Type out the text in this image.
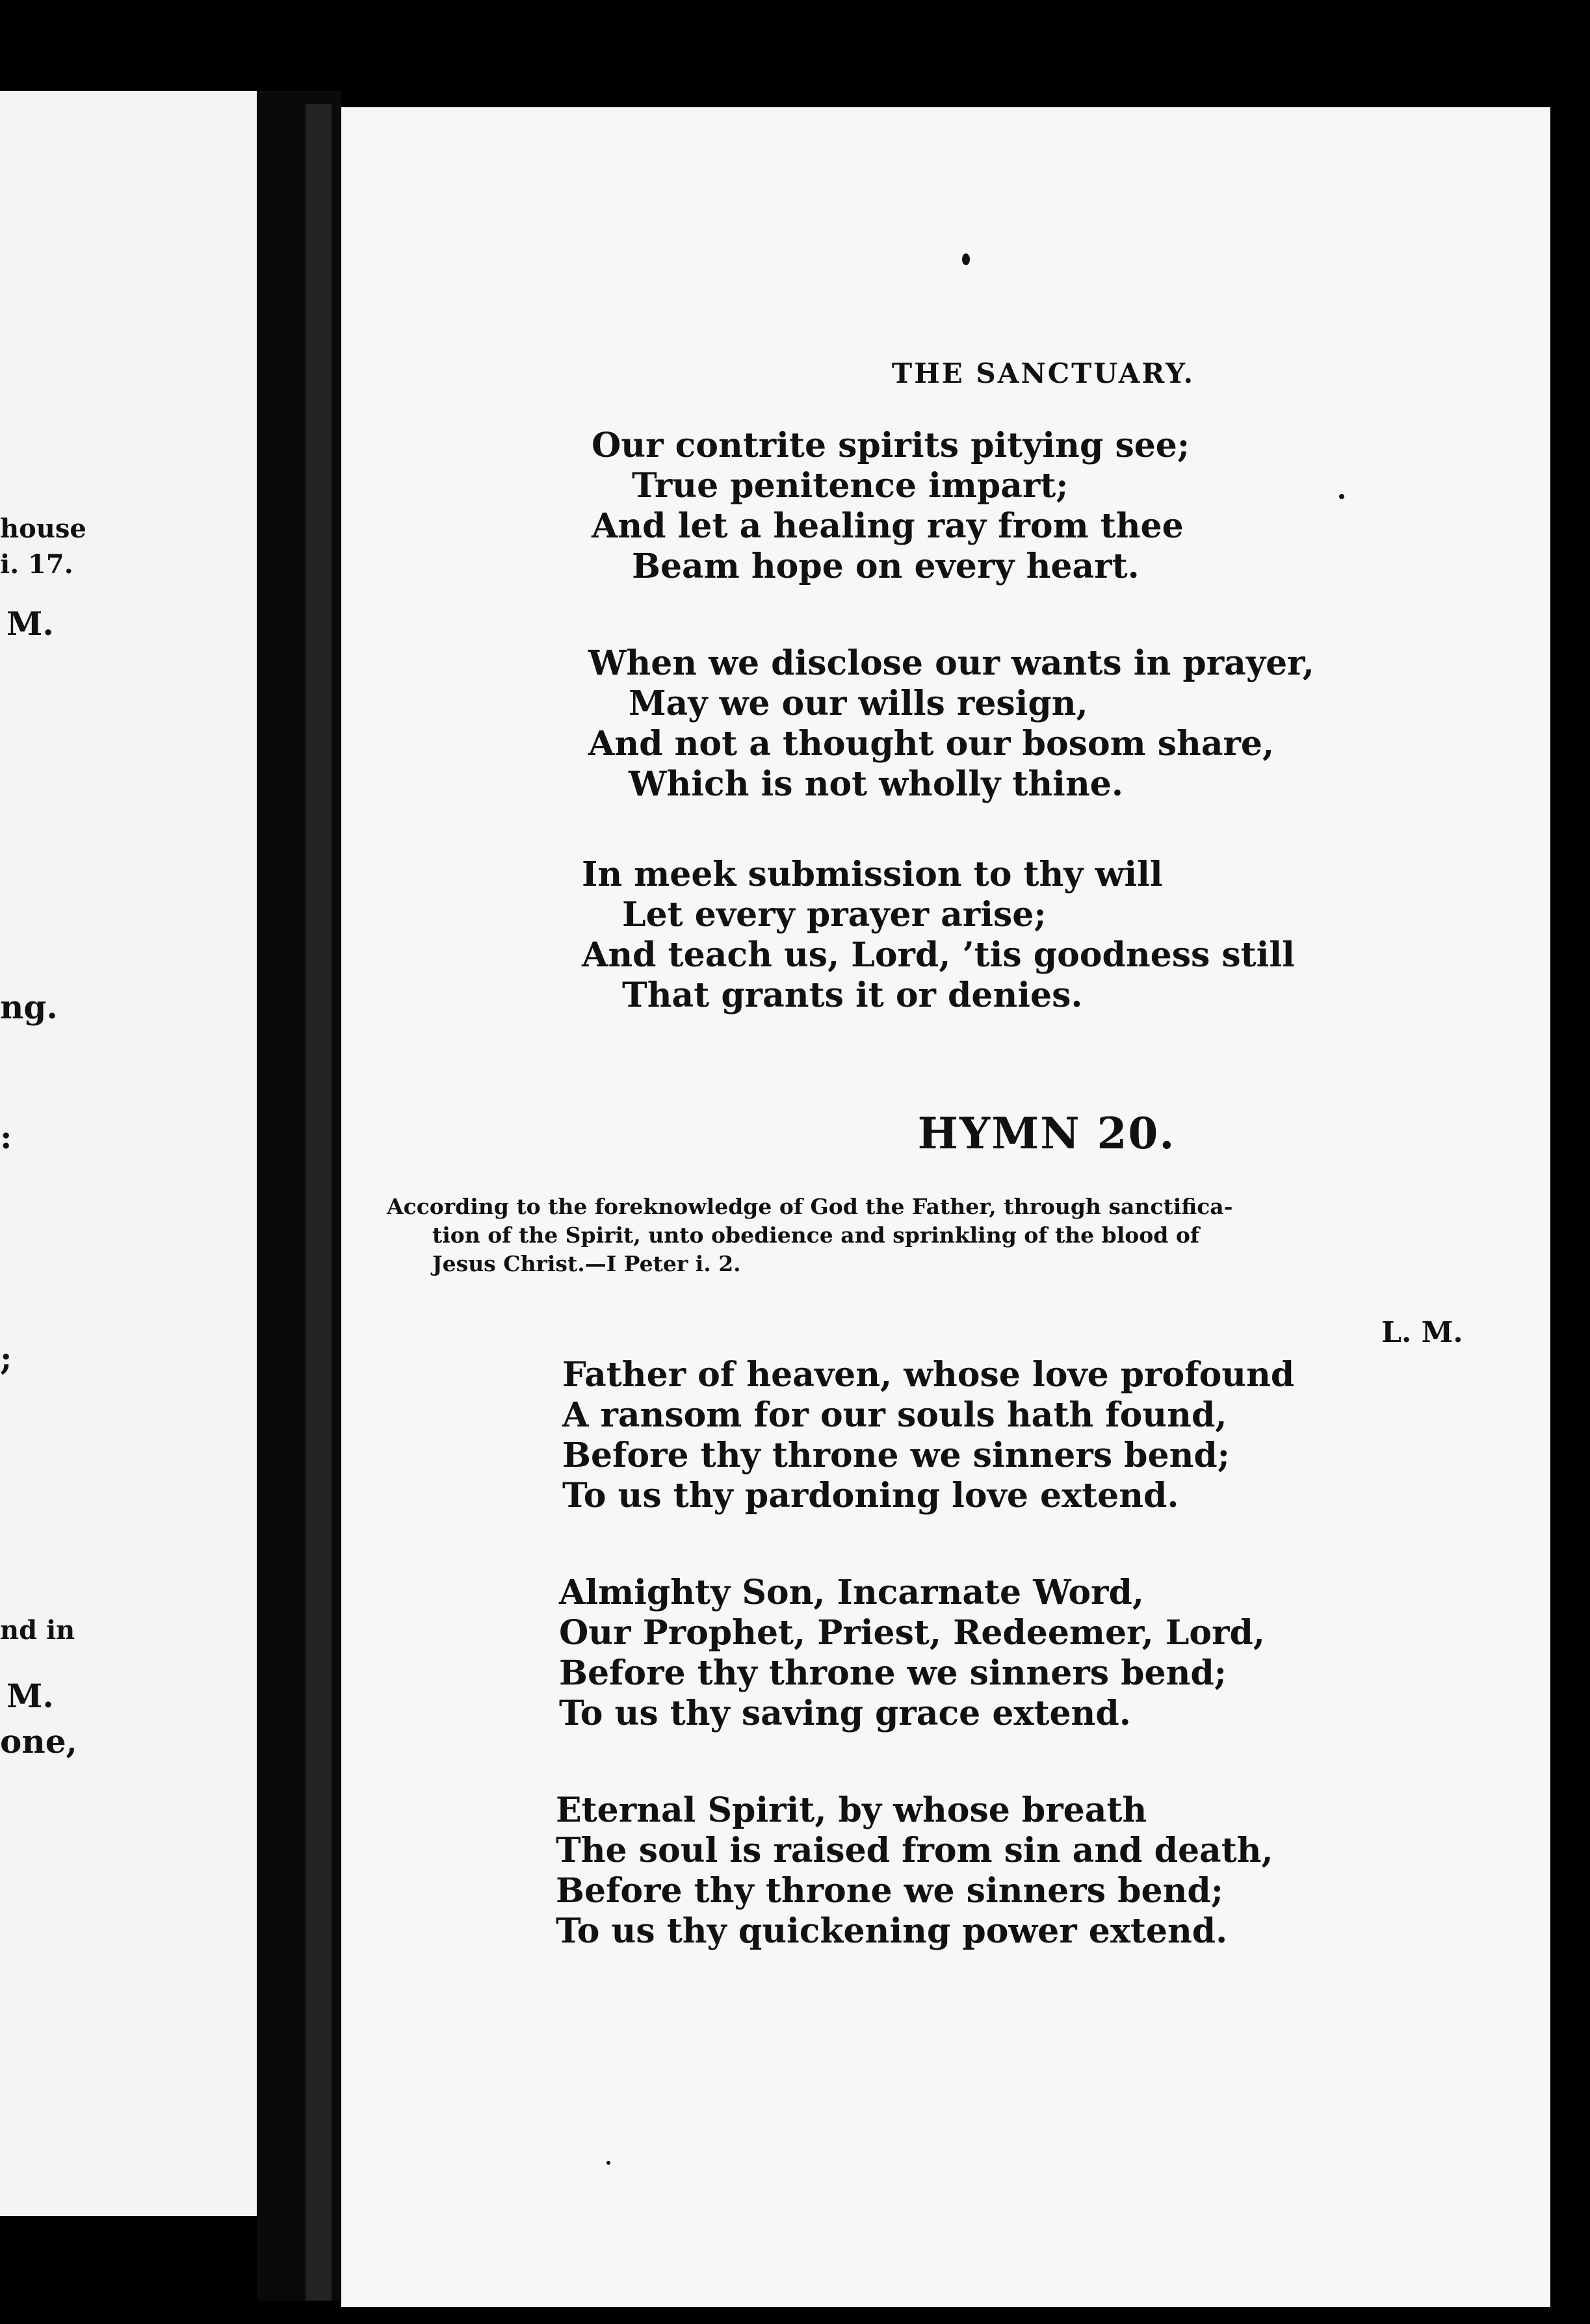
house
i. 17.
M.
ng.
:
;
nd in
M.
one,
THE SANCTUARY.
Our contrite spirits pitying see;
True penitence impart;
And let a healing ray from thee
Beam hope on every heart.
When we disclose our wants in prayer,
May we our wills resign,
And not a thought our bosom share,
Which is not wholly thine.
In meek submission to thy will
Let every prayer arise;
And teach us, Lord, ’tis goodness still
That grants it or denies.
HYMN 20.
According to the foreknowledge of God the Father, through sanctifica-
tion of the Spirit, unto obedience and sprinkling of the blood of
Jesus Christ.—I Peter i. 2.
L. M.
Father of heaven, whose love profound
A ransom for our souls hath found,
Before thy throne we sinners bend;
To us thy pardoning love extend.
Almighty Son, Incarnate Word,
Our Prophet, Priest, Redeemer, Lord,
Before thy throne we sinners bend;
To us thy saving grace extend.
Eternal Spirit, by whose breath
The soul is raised from sin and death,
Before thy throne we sinners bend;
To us thy quickening power extend.
